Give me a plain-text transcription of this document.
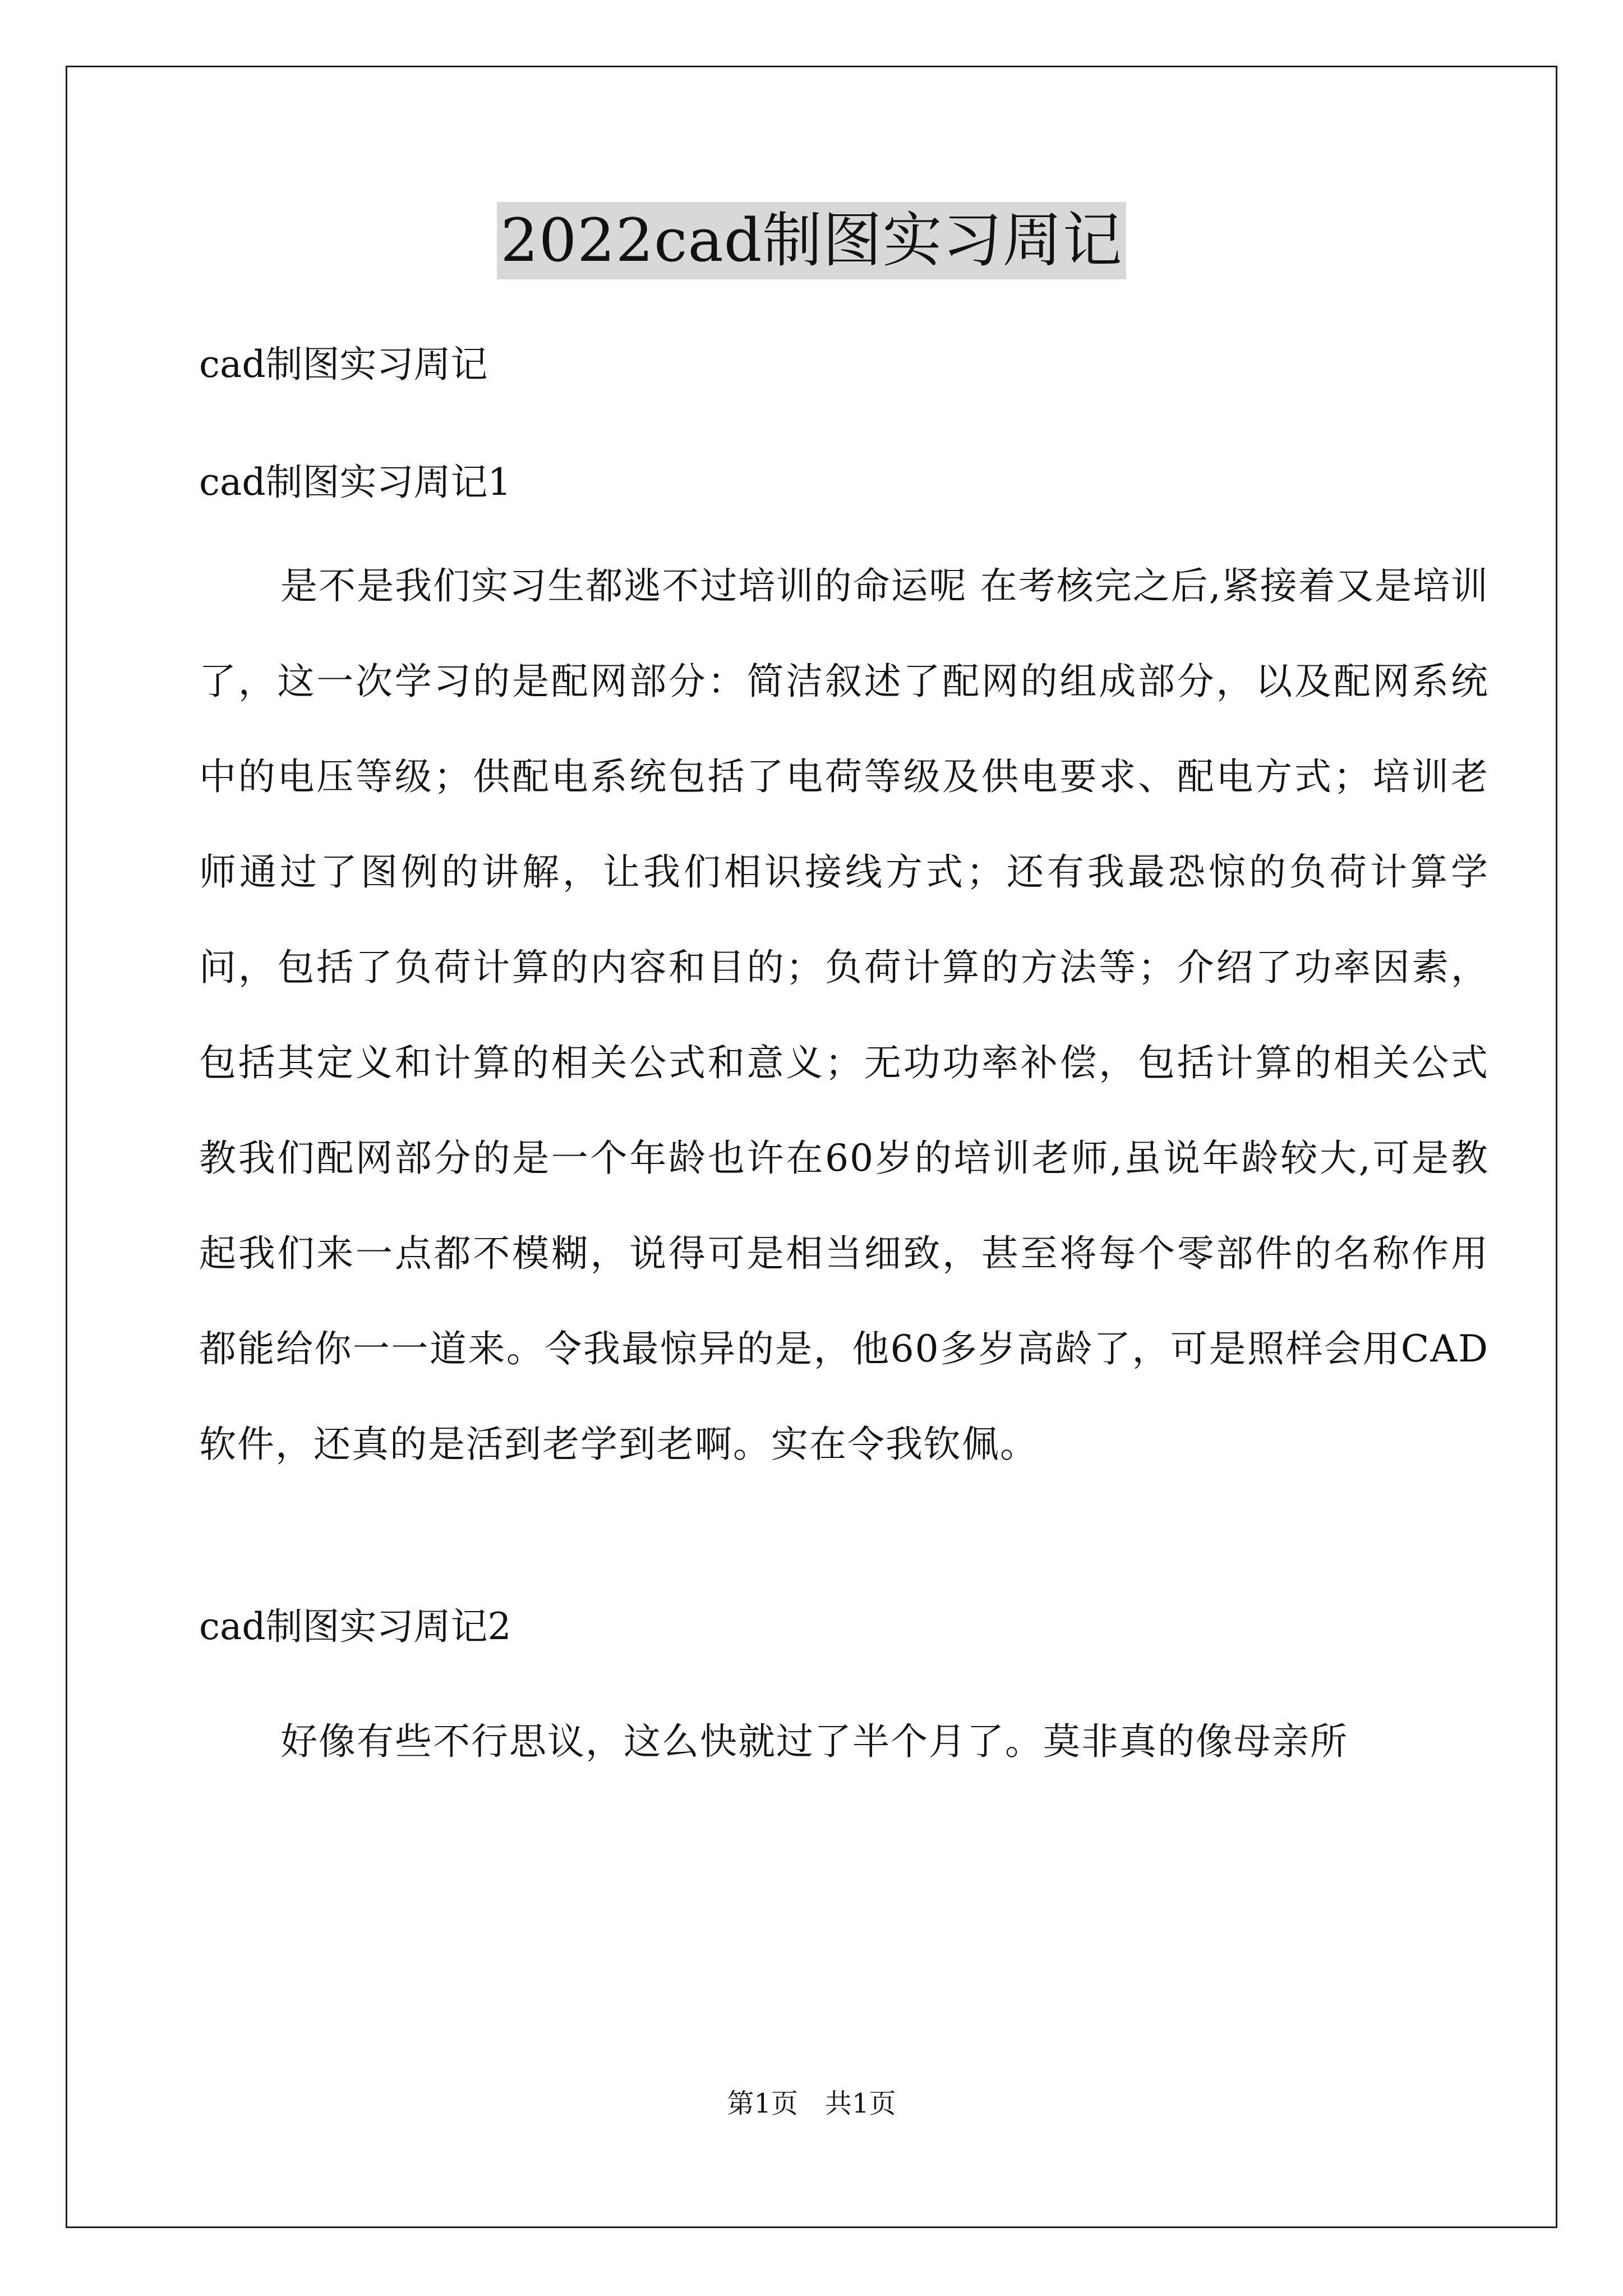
2022cad制图实习周记
cad制图实习周记
cad制图实习周记1

是不是我们实习生都逃不过培训的命运呢 在考核完之后,紧接着又是培训了，这一次学习的是配网部分：简洁叙述了配网的组成部分，以及配网系统中的电压等级；供配电系统包括了电荷等级及供电要求、配电方式；培训老师通过了图例的讲解，让我们相识接线方式；还有我最恐惊的负荷计算学问，包括了负荷计算的内容和目的；负荷计算的方法等；介绍了功率因素，包括其定义和计算的相关公式和意义；无功功率补偿，包括计算的相关公式教我们配网部分的是一个年龄也许在60岁的培训老师,虽说年龄较大,可是教起我们来一点都不模糊，说得可是相当细致，甚至将每个零部件的名称作用都能给你一一道来。令我最惊异的是，他60多岁高龄了，可是照样会用CAD软件，还真的是活到老学到老啊。实在令我钦佩。

cad制图实习周记2

好像有些不行思议，这么快就过了半个月了。莫非真的像母亲所

第1页　共1页
